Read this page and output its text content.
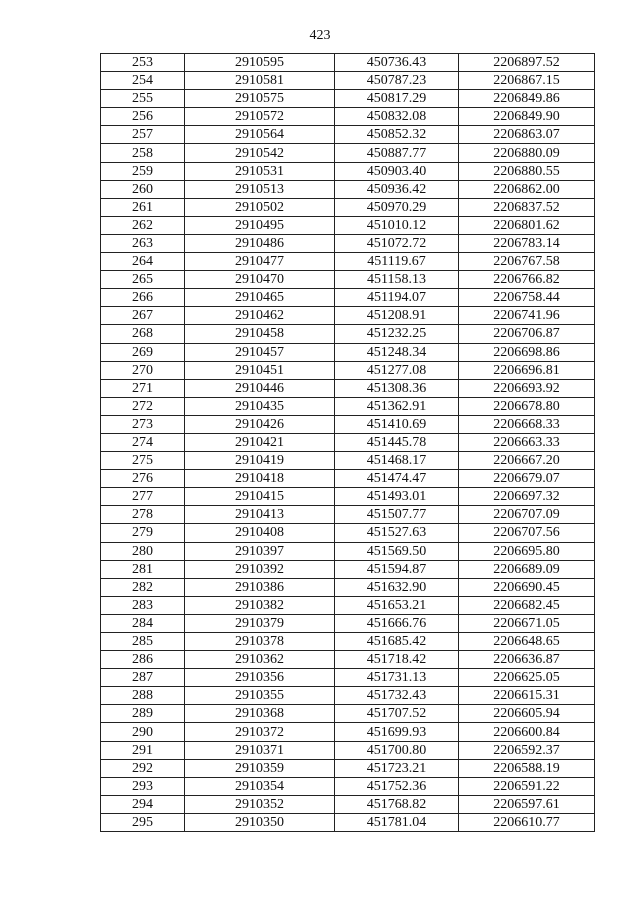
423
253	2910595	450736.43	2206897.52
254	2910581	450787.23	2206867.15
255	2910575	450817.29	2206849.86
256	2910572	450832.08	2206849.90
257	2910564	450852.32	2206863.07
258	2910542	450887.77	2206880.09
259	2910531	450903.40	2206880.55
260	2910513	450936.42	2206862.00
261	2910502	450970.29	2206837.52
262	2910495	451010.12	2206801.62
263	2910486	451072.72	2206783.14
264	2910477	451119.67	2206767.58
265	2910470	451158.13	2206766.82
266	2910465	451194.07	2206758.44
267	2910462	451208.91	2206741.96
268	2910458	451232.25	2206706.87
269	2910457	451248.34	2206698.86
270	2910451	451277.08	2206696.81
271	2910446	451308.36	2206693.92
272	2910435	451362.91	2206678.80
273	2910426	451410.69	2206668.33
274	2910421	451445.78	2206663.33
275	2910419	451468.17	2206667.20
276	2910418	451474.47	2206679.07
277	2910415	451493.01	2206697.32
278	2910413	451507.77	2206707.09
279	2910408	451527.63	2206707.56
280	2910397	451569.50	2206695.80
281	2910392	451594.87	2206689.09
282	2910386	451632.90	2206690.45
283	2910382	451653.21	2206682.45
284	2910379	451666.76	2206671.05
285	2910378	451685.42	2206648.65
286	2910362	451718.42	2206636.87
287	2910356	451731.13	2206625.05
288	2910355	451732.43	2206615.31
289	2910368	451707.52	2206605.94
290	2910372	451699.93	2206600.84
291	2910371	451700.80	2206592.37
292	2910359	451723.21	2206588.19
293	2910354	451752.36	2206591.22
294	2910352	451768.82	2206597.61
295	2910350	451781.04	2206610.77
